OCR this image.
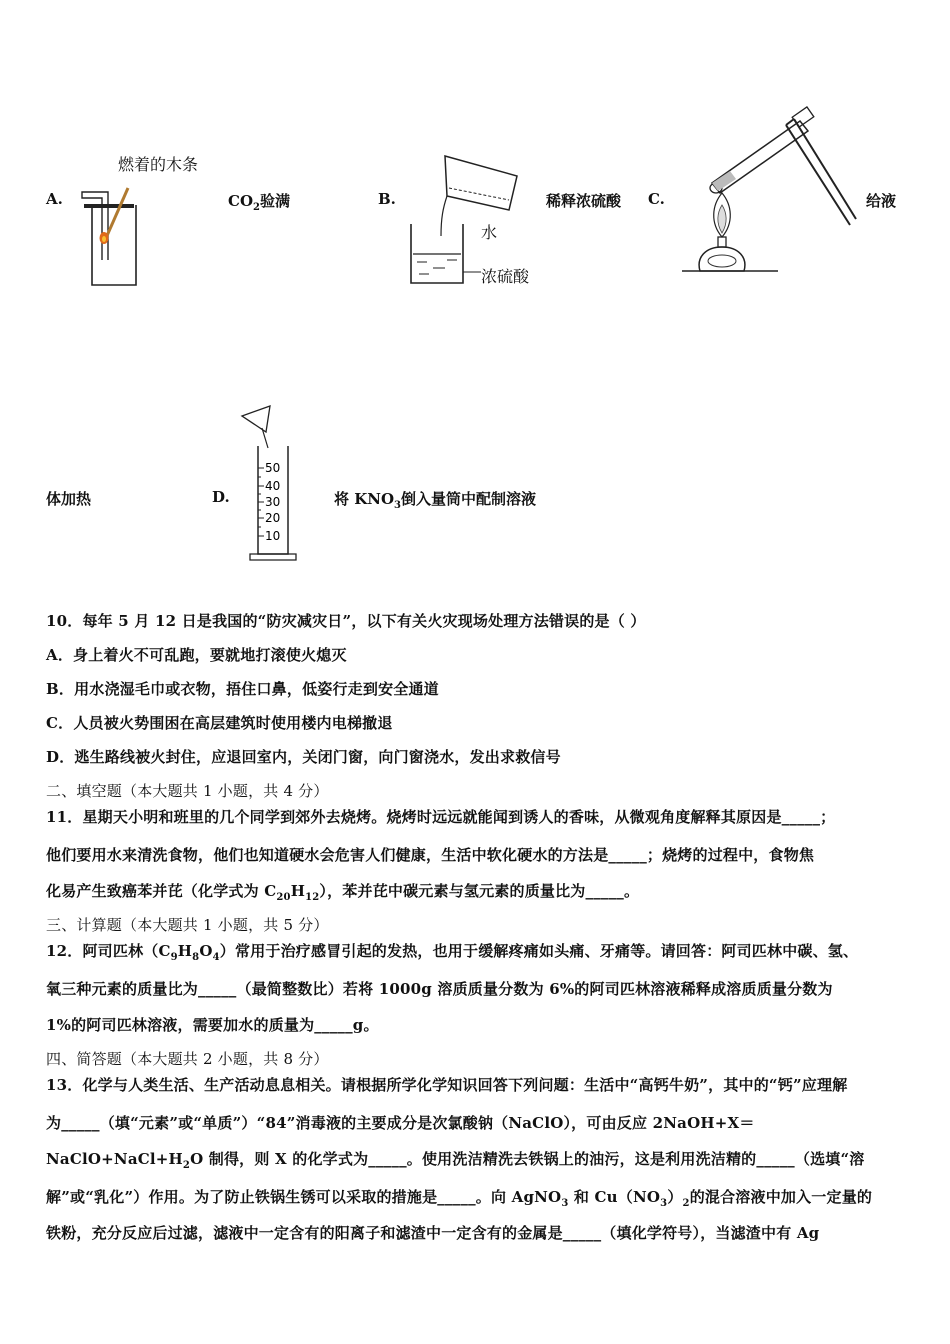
A.
燃着的木条
$CO_2$验满	B.
水
浓硫酸
稀释浓硫酸 C.	给液
体加热	D.
50
40
30
20
10
将 $KNO_3$倒入量筒中配制溶液
10．每年 5 月 12 日是我国的“防灾减灾日”，以下有关火灾现场处理方法错误的是（ ）
A．身上着火不可乱跑，要就地打滚使火熄灭
B．用水浇湿毛巾或衣物，捂住口鼻，低姿行走到安全通道
C．人员被火势围困在高层建筑时使用楼内电梯撤退
D．逃生路线被火封住，应退回室内，关闭门窗，向门窗浇水，发出求救信号
二、填空题（本大题共 1 小题，共 4 分）
11．星期天小明和班里的几个同学到郊外去烧烤。烧烤时远远就能闻到诱人的香味，从微观角度解释其原因是_____；
他们要用水来清洗食物，他们也知道硬水会危害人们健康，生活中软化硬水的方法是_____；烧烤的过程中，食物焦
化易产生致癌苯并芘（化学式为 $C_{20}H_{12}$），苯并芘中碳元素与氢元素的质量比为_____。
三、计算题（本大题共 1 小题，共 5 分）
12．阿司匹林$(C_9H_8O_4)$常用于治疗感冒引起的发热，也用于缓解疼痛如头痛、牙痛等。请回答：阿司匹林中碳、氢、
氧三种元素的质量比为_____（最简整数比）若将 1000g 溶质质量分数为 6%的阿司匹林溶液稀释成溶质质量分数为
1%的阿司匹林溶液，需要加水的质量为_____g。
四、简答题（本大题共 2 小题，共 8 分）
13．化学与人类生活、生产活动息息相关。请根据所学化学知识回答下列问题：生活中“高钙牛奶”，其中的“钙”应理解
为_____（填“元素”或“单质”）“84”消毒液的主要成分是次氯酸钠（NaClO），可由反应 2NaOH+X＝
$NaClO+NaCl+H_2O$ 制得，则 X 的化学式为_____。使用洗洁精洗去铁锅上的油污，这是利用洗洁精的_____（选填“溶
解”或“乳化”）作用。为了防止铁锅生锈可以采取的措施是_____。向 AgNO$_3$ 和 $Cu(NO_3)_2$的混合溶液中加入一定量的
铁粉，充分反应后过滤，滤液中一定含有的阳离子和滤渣中一定含有的金属是_____（填化学符号），当滤渣中有 Ag
